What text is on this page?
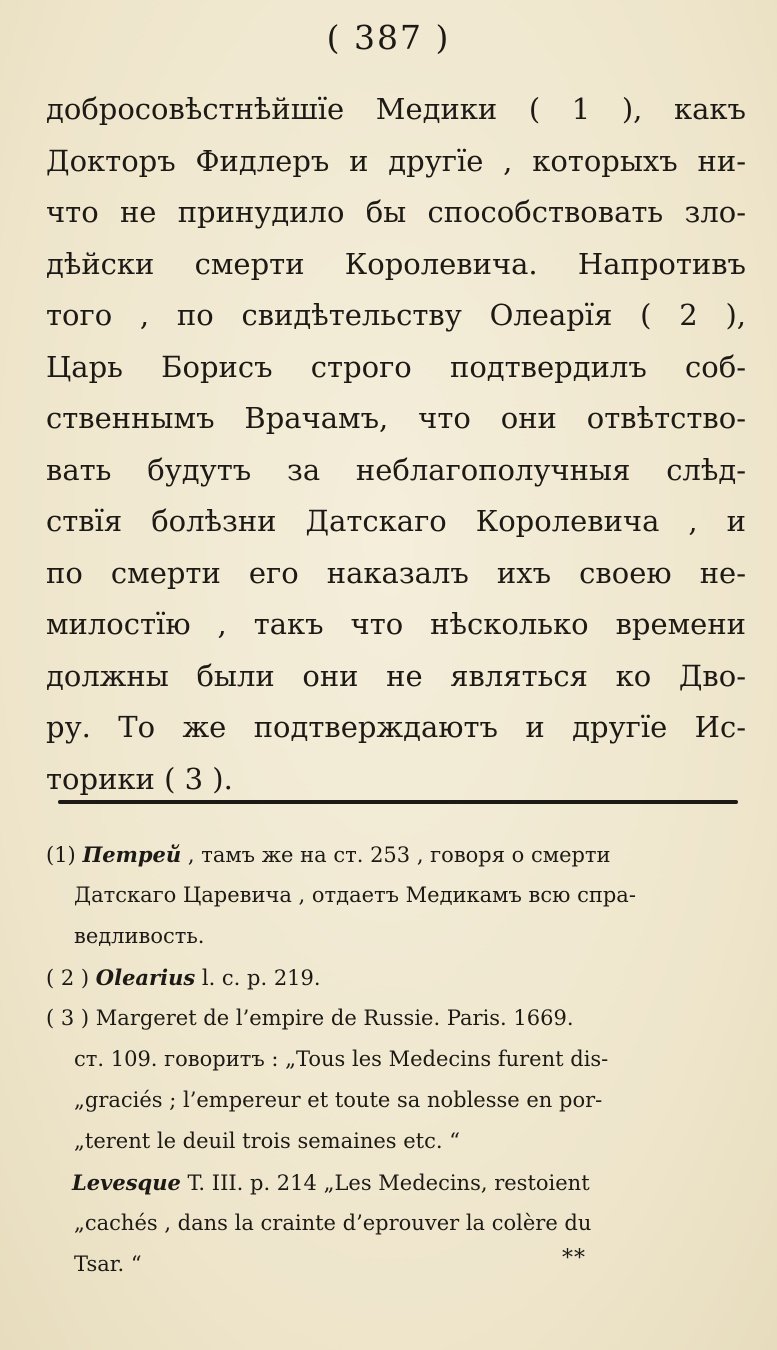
( 387 )
добросовѣстнѣйшїе Медики ( 1 ), какъ
Докторъ Фидлеръ и другїе , которыхъ ни-
что не принудило бы способствовать зло-
дѣйски смерти Королевича. Напротивъ
того , по свидѣтельству Олеарїя ( 2 ),
Царь Борисъ строго подтвердилъ соб-
ственнымъ Врачамъ, что они отвѣтство-
вать будутъ за неблагополучныя слѣд-
ствїя болѣзни Датскаго Королевича , и
по смерти его наказалъ ихъ своею не-
милостїю , такъ что нѣсколько времени
должны были они не являться ко Дво-
ру. То же подтверждаютъ и другїе Ис-
торики ( 3 ).
(1) Петрей , тамъ же на ст. 253 , говоря о смерти
Датскаго Царевича , отдаетъ Медикамъ всю спра-
ведливость.
( 2 ) Olearius l. c. p. 219.
( 3 ) Margeret de l’empire de Russie. Paris. 1669.
ст. 109. говоритъ : „Tous les Medecins furent dis-
„graciés ; l’empereur et toute sa noblesse en por-
„terent le deuil trois semaines etc. “
Levesque T. III. p. 214 „Les Medecins, restoient
„cachés , dans la crainte d’eprouver la colère du
Tsar. “	**
